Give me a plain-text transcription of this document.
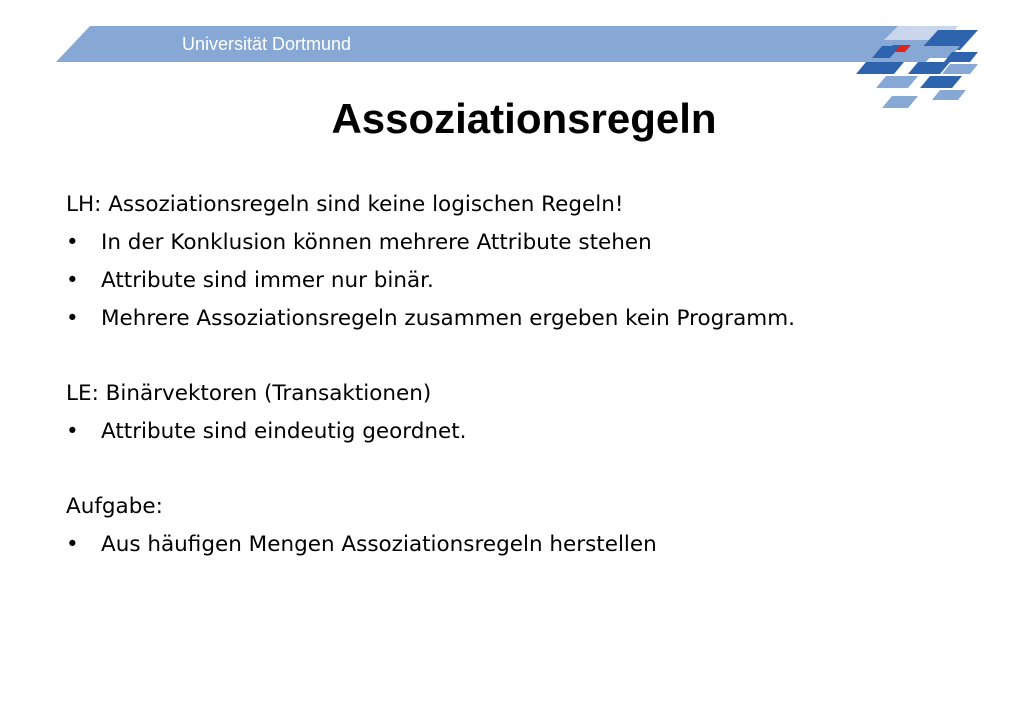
Universität Dortmund
Assoziationsregeln
LH: Assoziationsregeln sind keine logischen Regeln!
•	In der Konklusion können mehrere Attribute stehen
•	Attribute sind immer nur binär.
•	Mehrere Assoziationsregeln zusammen ergeben kein Programm.
LE: Binärvektoren (Transaktionen)
•	Attribute sind eindeutig geordnet.
Aufgabe:
•	Aus häufigen Mengen Assoziationsregeln herstellen
